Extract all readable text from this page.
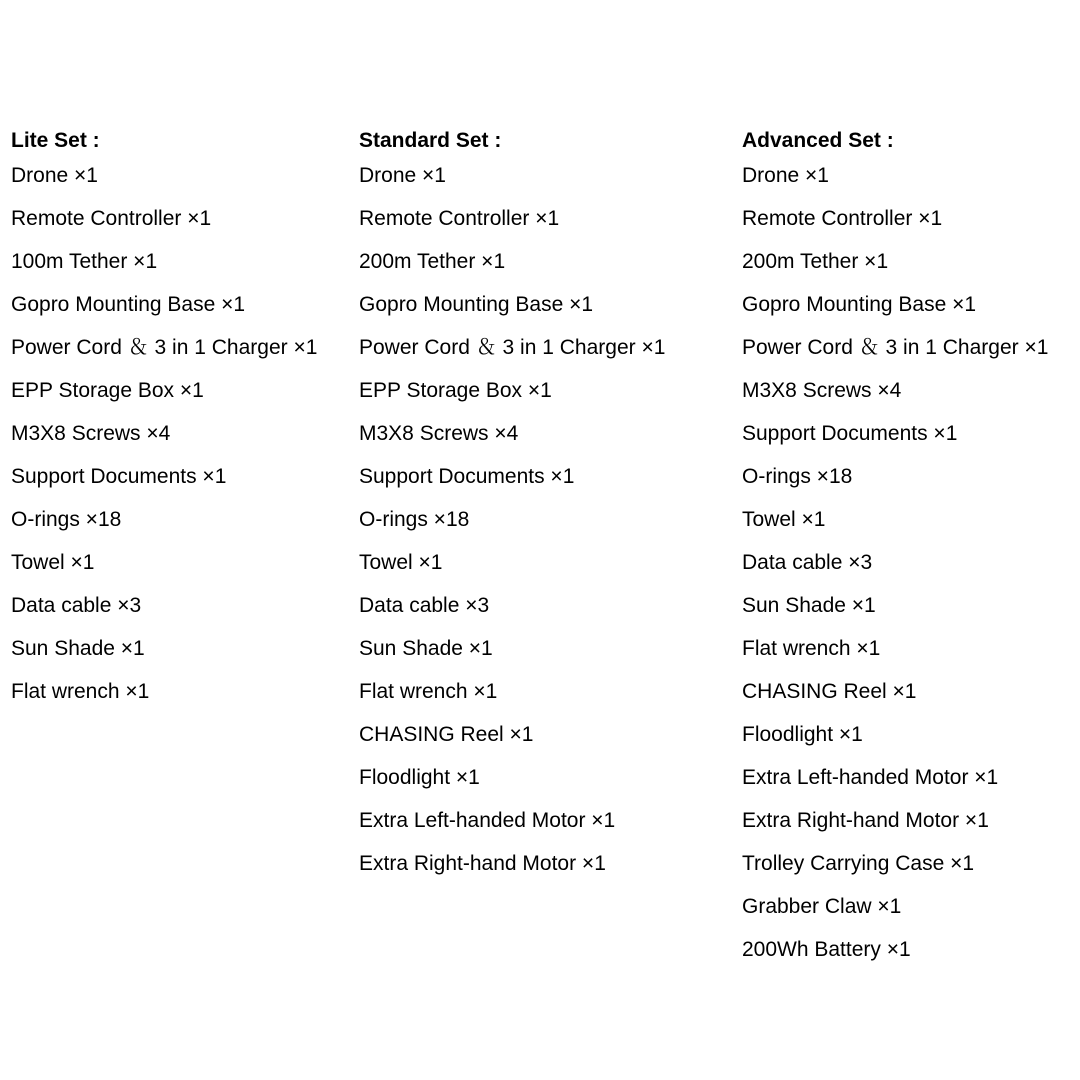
Lite Set :
Drone ×1
Remote Controller ×1
100m Tether ×1
Gopro Mounting Base ×1
Power Cord ＆ 3 in 1 Charger ×1
EPP Storage Box ×1
M3X8 Screws ×4
Support Documents ×1
O-rings ×18
Towel ×1
Data cable ×3
Sun Shade ×1
Flat wrench ×1
Standard Set :
Drone ×1
Remote Controller ×1
200m Tether ×1
Gopro Mounting Base ×1
Power Cord ＆ 3 in 1 Charger ×1
EPP Storage Box ×1
M3X8 Screws ×4
Support Documents ×1
O-rings ×18
Towel ×1
Data cable ×3
Sun Shade ×1
Flat wrench ×1
CHASING Reel ×1
Floodlight ×1
Extra Left-handed Motor ×1
Extra Right-hand Motor ×1
Advanced Set :
Drone ×1
Remote Controller ×1
200m Tether ×1
Gopro Mounting Base ×1
Power Cord ＆ 3 in 1 Charger ×1
M3X8 Screws ×4
Support Documents ×1
O-rings ×18
Towel ×1
Data cable ×3
Sun Shade ×1
Flat wrench ×1
CHASING Reel ×1
Floodlight ×1
Extra Left-handed Motor ×1
Extra Right-hand Motor ×1
Trolley Carrying Case ×1
Grabber Claw ×1
200Wh Battery ×1
